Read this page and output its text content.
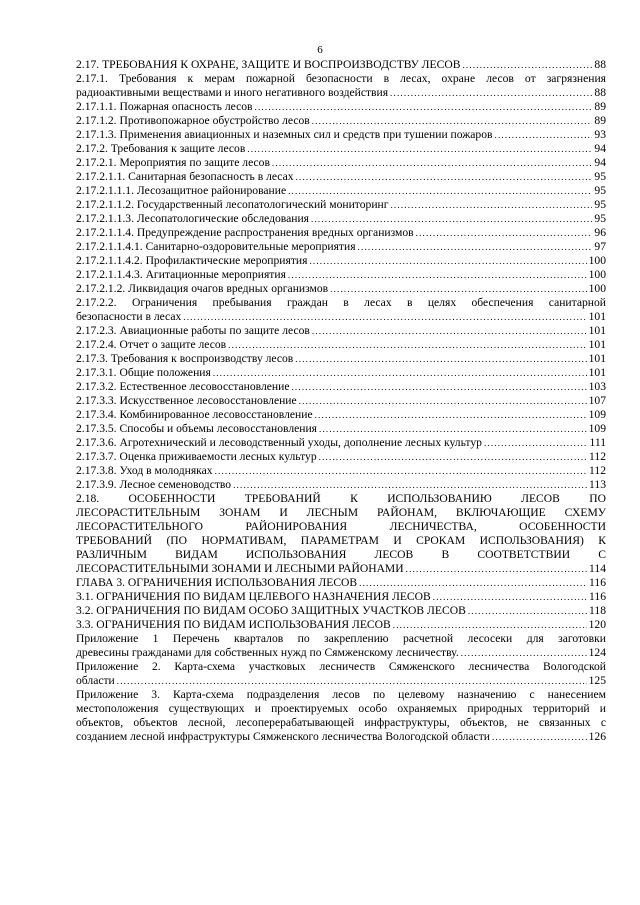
6
2.17. ТРЕБОВАНИЯ К ОХРАНЕ, ЗАЩИТЕ И ВОСПРОИЗВОДСТВУ ЛЕСОВ .....	88
2.17.1. Требования к мерам пожарной безопасности в лесах, охране лесов от загрязнения
радиоактивными веществами и иного негативного воздействия .....	88
2.17.1.1. Пожарная опасность лесов .....	89
2.17.1.2. Противопожарное обустройство лесов .....	89
2.17.1.3. Применения авиационных и наземных сил и средств при тушении пожаров .....	93
2.17.2. Требования к защите лесов .....	94
2.17.2.1. Мероприятия по защите лесов .....	94
2.17.2.1.1. Санитарная безопасность в лесах .....	95
2.17.2.1.1.1. Лесозащитное районирование .....	95
2.17.2.1.1.2. Государственный лесопатологический мониторинг .....	95
2.17.2.1.1.3. Лесопатологические обследования .....	95
2.17.2.1.1.4. Предупреждение распространения вредных организмов .....	96
2.17.2.1.1.4.1. Санитарно-оздоровительные мероприятия .....	97
2.17.2.1.1.4.2. Профилактические мероприятия .....	100
2.17.2.1.1.4.3. Агитационные мероприятия .....	100
2.17.2.1.2. Ликвидация очагов вредных организмов .....	100
2.17.2.2. Ограничения пребывания граждан в лесах в целях обеспечения санитарной
безопасности в лесах .....	101
2.17.2.3. Авиационные работы по защите лесов .....	101
2.17.2.4. Отчет о защите лесов .....	101
2.17.3. Требования к воспроизводству лесов .....	101
2.17.3.1. Общие положения .....	101
2.17.3.2. Естественное лесовосстановление .....	103
2.17.3.3. Искусственное лесовосстановление .....	107
2.17.3.4. Комбинированное лесовосстановление .....	109
2.17.3.5. Способы и объемы лесовосстановления .....	109
2.17.3.6. Агротехнический и лесоводственный уходы, дополнение лесных культур .....	111
2.17.3.7. Оценка приживаемости лесных культур .....	112
2.17.3.8. Уход в молодняках .....	112
2.17.3.9. Лесное семеноводство .....	113
2.18. ОСОБЕННОСТИ ТРЕБОВАНИЙ К ИСПОЛЬЗОВАНИЮ ЛЕСОВ ПО
ЛЕСОРАСТИТЕЛЬНЫМ ЗОНАМ И ЛЕСНЫМ РАЙОНАМ, ВКЛЮЧАЮЩИЕ СХЕМУ
ЛЕСОРАСТИТЕЛЬНОГО РАЙОНИРОВАНИЯ ЛЕСНИЧЕСТВА, ОСОБЕННОСТИ
ТРЕБОВАНИЙ (ПО НОРМАТИВАМ, ПАРАМЕТРАМ И СРОКАМ ИСПОЛЬЗОВАНИЯ) К
РАЗЛИЧНЫМ ВИДАМ ИСПОЛЬЗОВАНИЯ ЛЕСОВ В СООТВЕТСТВИИ С
ЛЕСОРАСТИТЕЛЬНЫМИ ЗОНАМИ И ЛЕСНЫМИ РАЙОНАМИ .....	114
ГЛАВА 3. ОГРАНИЧЕНИЯ ИСПОЛЬЗОВАНИЯ ЛЕСОВ .....	116
3.1. ОГРАНИЧЕНИЯ ПО ВИДАМ ЦЕЛЕВОГО НАЗНАЧЕНИЯ ЛЕСОВ .....	116
3.2. ОГРАНИЧЕНИЯ ПО ВИДАМ ОСОБО ЗАЩИТНЫХ УЧАСТКОВ ЛЕСОВ .....	118
3.3. ОГРАНИЧЕНИЯ ПО ВИДАМ ИСПОЛЬЗОВАНИЯ ЛЕСОВ .....	120
Приложение 1 Перечень кварталов по закреплению расчетной лесосеки для заготовки
древесины гражданами для собственных нужд по Сямженскому лесничеству. .....	124
Приложение 2. Карта-схема участковых лесничеств Сямженского лесничества Вологодской
области .....	125
Приложение 3. Карта-схема подразделения лесов по целевому назначению с нанесением
местоположения существующих и проектируемых особо охраняемых природных территорий и
объектов, объектов лесной, лесоперерабатывающей инфраструктуры, объектов, не связанных с
созданием лесной инфраструктуры Сямженского лесничества Вологодской области .....	126
